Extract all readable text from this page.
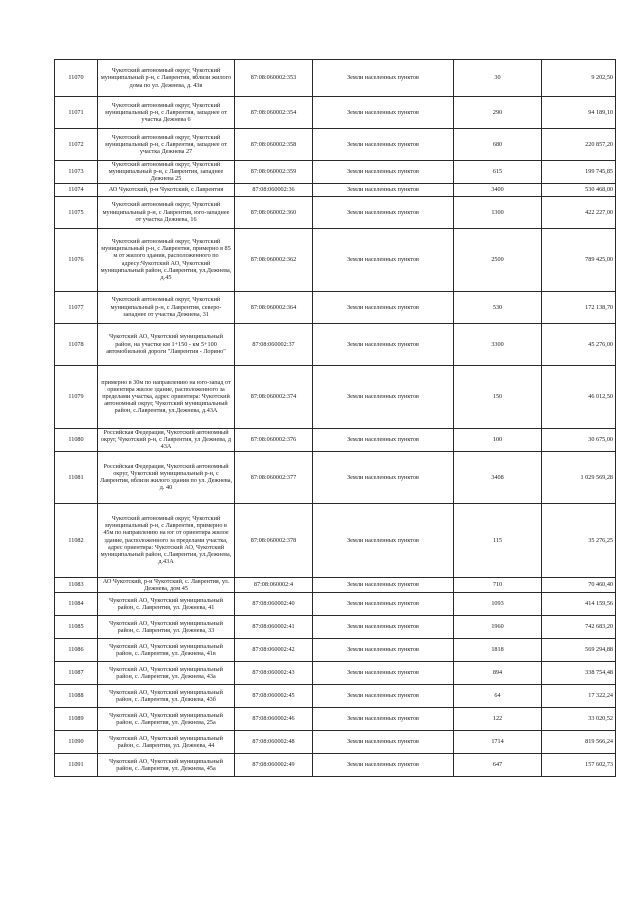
11070	Чукотский автономный округ, Чукотский муниципальный р-н, с Лаврентия, вблизи жилого дома по ул. Дежнева, д. 43в	87:08:060002:353	Земли населенных пунктов	30	9 202,50
11071	Чукотский автономный округ, Чукотский муниципальный р-н, с Лаврентия, западнее от участка Дежнева 6	87:08:060002:354	Земли населенных пунктов	290	94 189,10
11072	Чукотский автономный округ, Чукотский муниципальный р-н, с Лаврентия, западнее от участка Дежнева 27	87:08:060002:358	Земли населенных пунктов	680	220 857,20
11073	Чукотский автономный округ, Чукотский муниципальный р-н, с Лаврентия, западнее Дежнева 25	87:08:060002:359	Земли населенных пунктов	615	199 745,85
11074	АО Чукотский, р-н Чукотский, с Лаврентия	87:08:060002:36	Земли населенных пунктов	3400	530 468,00
11075	Чукотский автономный округ, Чукотский муниципальный р-н, с Лаврентия, юго-западнее от участка Дежнева, 16	87:08:060002:360	Земли населенных пунктов	1300	422 227,00
11076	Чукотский автономный округ, Чукотский муниципальный р-н, с Лаврентия, примерно в 85 м от жилого здания, расположенного по адресу:Чукотский АО, Чукотский муниципальный район, с.Лаврентия, ул.Дежнева, д.45	87:08:060002:362	Земли населенных пунктов	2500	789 425,00
11077	Чукотский автономный округ, Чукотский муниципальный р-н, с Лаврентия, северо-западнее от участка Дежнева, 31	87:08:060002:364	Земли населенных пунктов	530	172 138,70
11078	Чукотский АО, Чукотский муниципальный район, на участке км 1+150 - км 5+100 автомобильной дороги "Лаврентия - Лорино"	87:08:060002:37	Земли населенных пунктов	3300	45 276,00
11079	примерно в 30м по направлению на юго-запад от ориентира жилое здание, расположенного за пределами участка, адрес ориентира: Чукотский автономный округ, Чукотский муниципальный район, с.Лаврентия, ул.Дежнева, д.43А	87:08:060002:374	Земли населенных пунктов	150	46 012,50
11080	Российская Федерация, Чукотский автономный округ, Чукотский р-н, с Лаврентия, ул Дежнева, д 43А	87:08:060002:376	Земли населенных пунктов	100	30 675,00
11081	Российская Федерация, Чукотский автономный округ, Чукотский муниципальный р-н, с Лаврентия, вблизи жилого здания по ул. Дежнева, д. 40	87:08:060002:377	Земли населенных пунктов	3408	1 029 569,28
11082	Чукотский автономный округ, Чукотский муниципальный р-н, с Лаврентия, примерно в 45м по направлению на юг от ориентира жилое здание, расположенного за пределами участка, адрес ориентира: Чукотский АО, Чукотский муниципальный район, с.Лаврентия, ул.Дежнева, д.43А	87:08:060002:378	Земли населенных пунктов	115	35 276,25
11083	АО Чукотский, р-н Чукотский, с. Лаврентия, ул. Дежнева, дом 45	87:08:060002:4	Земли населенных пунктов	710	70 460,40
11084	Чукотский АО, Чукотский муниципальный район, с. Лаврентия, ул. Дежнева, 41	87:08:060002:40	Земли населенных пунктов	1093	414 159,56
11085	Чукотский АО, Чукотский муниципальный район, с. Лаврентия, ул. Дежнева, 33	87:08:060002:41	Земли населенных пунктов	1960	742 683,20
11086	Чукотский АО, Чукотский муниципальный район, с. Лаврентия, ул. Дежнева, 41в	87:08:060002:42	Земли населенных пунктов	1818	569 294,88
11087	Чукотский АО, Чукотский муниципальный район, с. Лаврентия, ул. Дежнева, 43а	87:08:060002:43	Земли населенных пунктов	894	338 754,48
11088	Чукотский АО, Чукотский муниципальный район, с. Лаврентия, ул. Дежнева, 43б	87:08:060002:45	Земли населенных пунктов	64	17 322,24
11089	Чукотский АО, Чукотский муниципальный район, с. Лаврентия, ул. Дежнева, 25а	87:08:060002:46	Земли населенных пунктов	122	33 020,52
11090	Чукотский АО, Чукотский муниципальный район, с. Лаврентия, ул. Дежнева, 44	87:08:060002:48	Земли населенных пунктов	1714	819 566,24
11091	Чукотский АО, Чукотский муниципальный район, с. Лаврентия, ул. Дежнева, 45а	87:08:060002:49	Земли населенных пунктов	647	157 602,73
